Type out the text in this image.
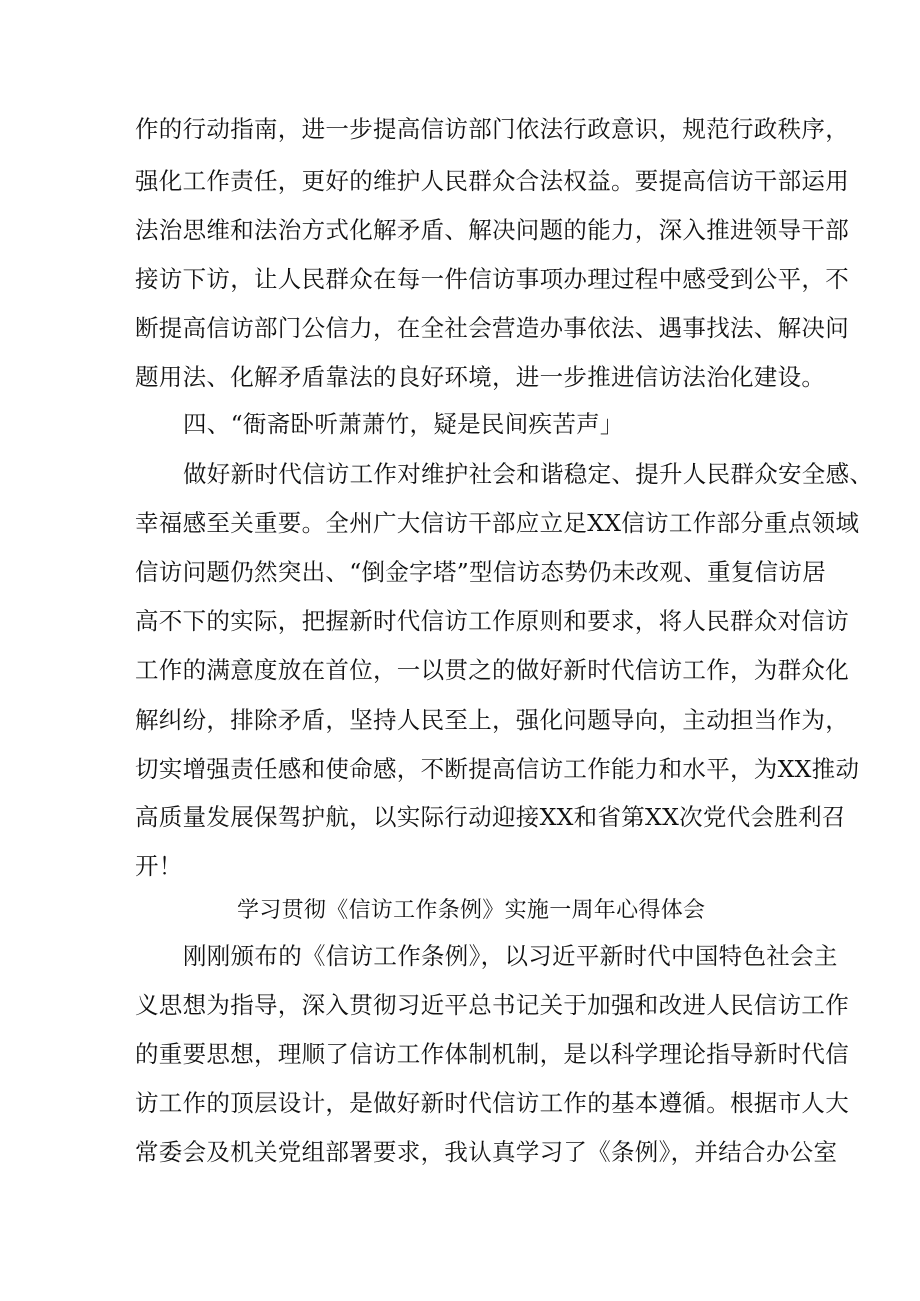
作的行动指南，进一步提高信访部门依法行政意识，规范行政秩序，
强化工作责任，更好的维护人民群众合法权益。要提高信访干部运用
法治思维和法治方式化解矛盾、解决问题的能力，深入推进领导干部
接访下访，让人民群众在每一件信访事项办理过程中感受到公平，不
断提高信访部门公信力，在全社会营造办事依法、遇事找法、解决问
题用法、化解矛盾靠法的良好环境，进一步推进信访法治化建设。
四、“衙斋卧听萧萧竹，疑是民间疾苦声」
做好新时代信访工作对维护社会和谐稳定、提升人民群众安全感、
幸福感至关重要。全州广大信访干部应立足XX信访工作部分重点领域
信访问题仍然突出、“倒金字塔”型信访态势仍未改观、重复信访居
高不下的实际，把握新时代信访工作原则和要求，将人民群众对信访
工作的满意度放在首位，一以贯之的做好新时代信访工作，为群众化
解纠纷，排除矛盾，坚持人民至上，强化问题导向，主动担当作为，
切实增强责任感和使命感，不断提高信访工作能力和水平，为XX推动
高质量发展保驾护航，以实际行动迎接XX和省第XX次党代会胜利召
开！
学习贯彻《信访工作条例》实施一周年心得体会
刚刚颁布的《信访工作条例》，以习近平新时代中国特色社会主
义思想为指导，深入贯彻习近平总书记关于加强和改进人民信访工作
的重要思想，理顺了信访工作体制机制，是以科学理论指导新时代信
访工作的顶层设计，是做好新时代信访工作的基本遵循。根据市人大
常委会及机关党组部署要求，我认真学习了《条例》，并结合办公室
